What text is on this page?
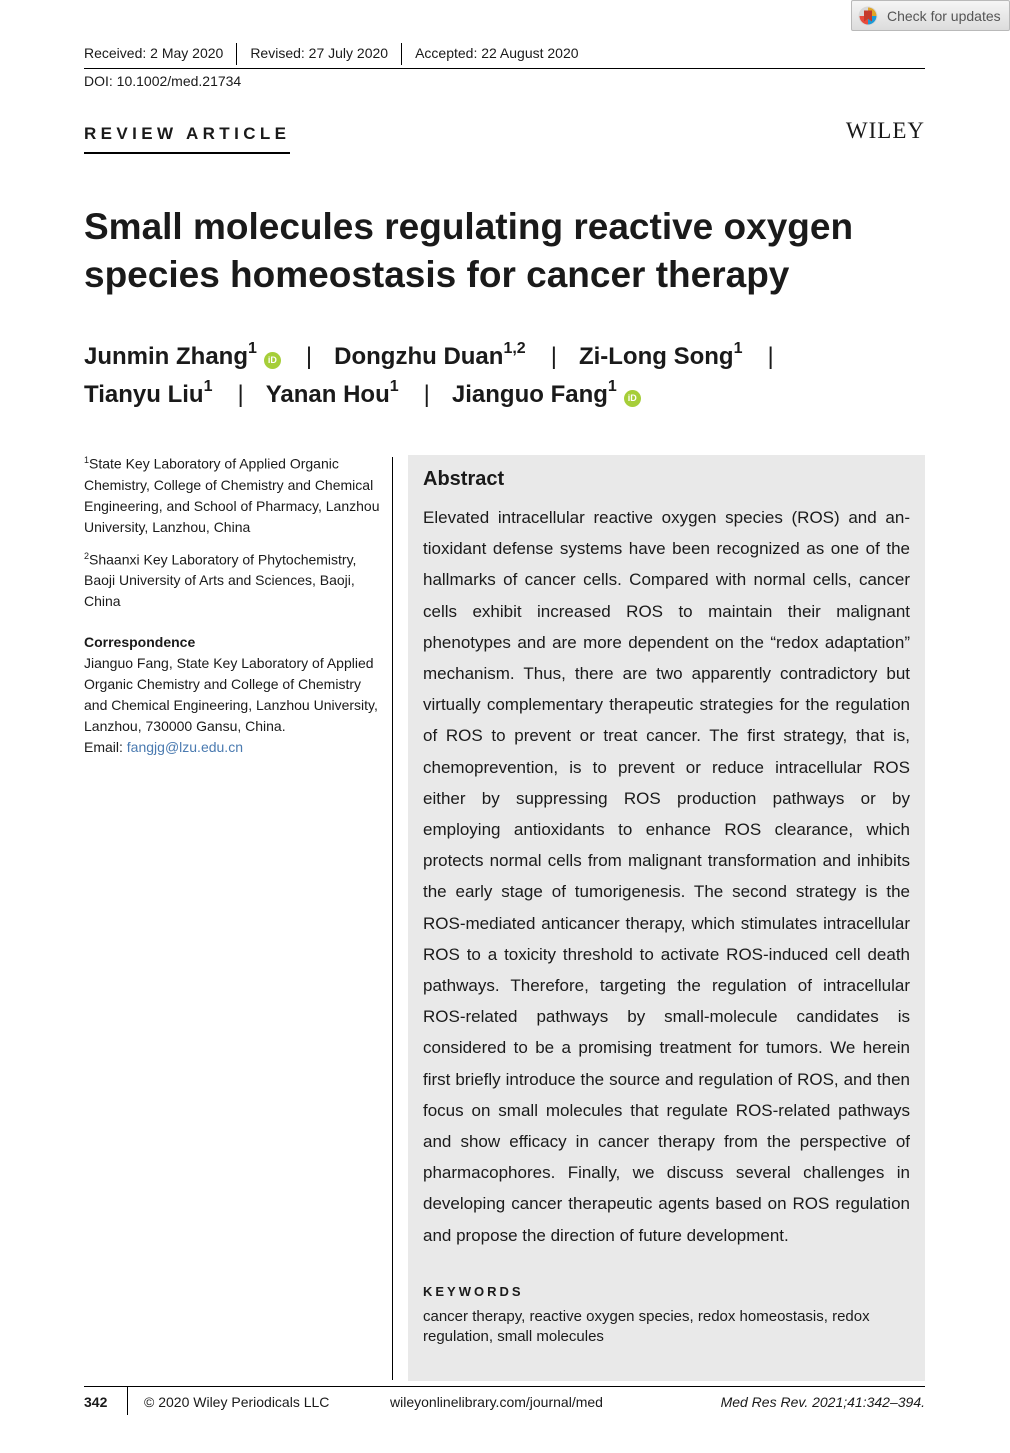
Check for updates
Received: 2 May 2020	Revised: 27 July 2020	Accepted: 22 August 2020
DOI: 10.1002/med.21734
REVIEW ARTICLE	WILEY
Small molecules regulating reactive oxygen species homeostasis for cancer therapy
Junmin Zhang$^1$iD | Dongzhu Duan$^{1,2}$ | Zi-Long Song$^1$ |
Tianyu Liu$^1$ | Yanan Hou$^1$ | Jianguo Fang$^1$iD

$^1$State Key Laboratory of Applied Organic Chemistry, College of Chemistry and Chemical Engineering, and School of Pharmacy, Lanzhou University, Lanzhou, China

$^2$Shaanxi Key Laboratory of Phytochemistry, Baoji University of Arts and Sciences, Baoji, China

Correspondence

Jianguo Fang, State Key Laboratory of Applied Organic Chemistry and College of Chemistry and Chemical Engineering, Lanzhou University, Lanzhou, 730000 Gansu, China.

Email: fangjg@lzu.edu.cn

Abstract

Elevated intracellular reactive oxygen species (ROS) and antioxidant defense systems have been recognized as one of the hallmarks of cancer cells. Compared with normal cells, cancer cells exhibit increased ROS to maintain their malignant phenotypes and are more dependent on the “redox adaptation” mechanism. Thus, there are two apparently contradictory but virtually complementary therapeutic strategies for the regulation of ROS to prevent or treat cancer. The first strategy, that is, chemoprevention, is to prevent or reduce intracellular ROS either by suppressing ROS production pathways or by employing antioxidants to enhance ROS clearance, which protects normal cells from malignant transformation and inhibits the early stage of tumorigenesis. The second strategy is the ROS-mediated anticancer therapy, which stimulates intracellular ROS to a toxicity threshold to activate ROS-induced cell death pathways. Therefore, targeting the regulation of intracellular ROS-related pathways by small-molecule candidates is considered to be a promising treatment for tumors. We herein first briefly introduce the source and regulation of ROS, and then focus on small molecules that regulate ROS-related pathways and show efficacy in cancer therapy from the perspective of pharmacophores. Finally, we discuss several challenges in developing cancer therapeutic agents based on ROS regulation and propose the direction of future development.

KEYWORDS

cancer therapy, reactive oxygen species, redox homeostasis, redox regulation, small molecules

342	© 2020 Wiley Periodicals LLC	wileyonlinelibrary.com/journal/med	Med Res Rev. 2021;41:342–394.
